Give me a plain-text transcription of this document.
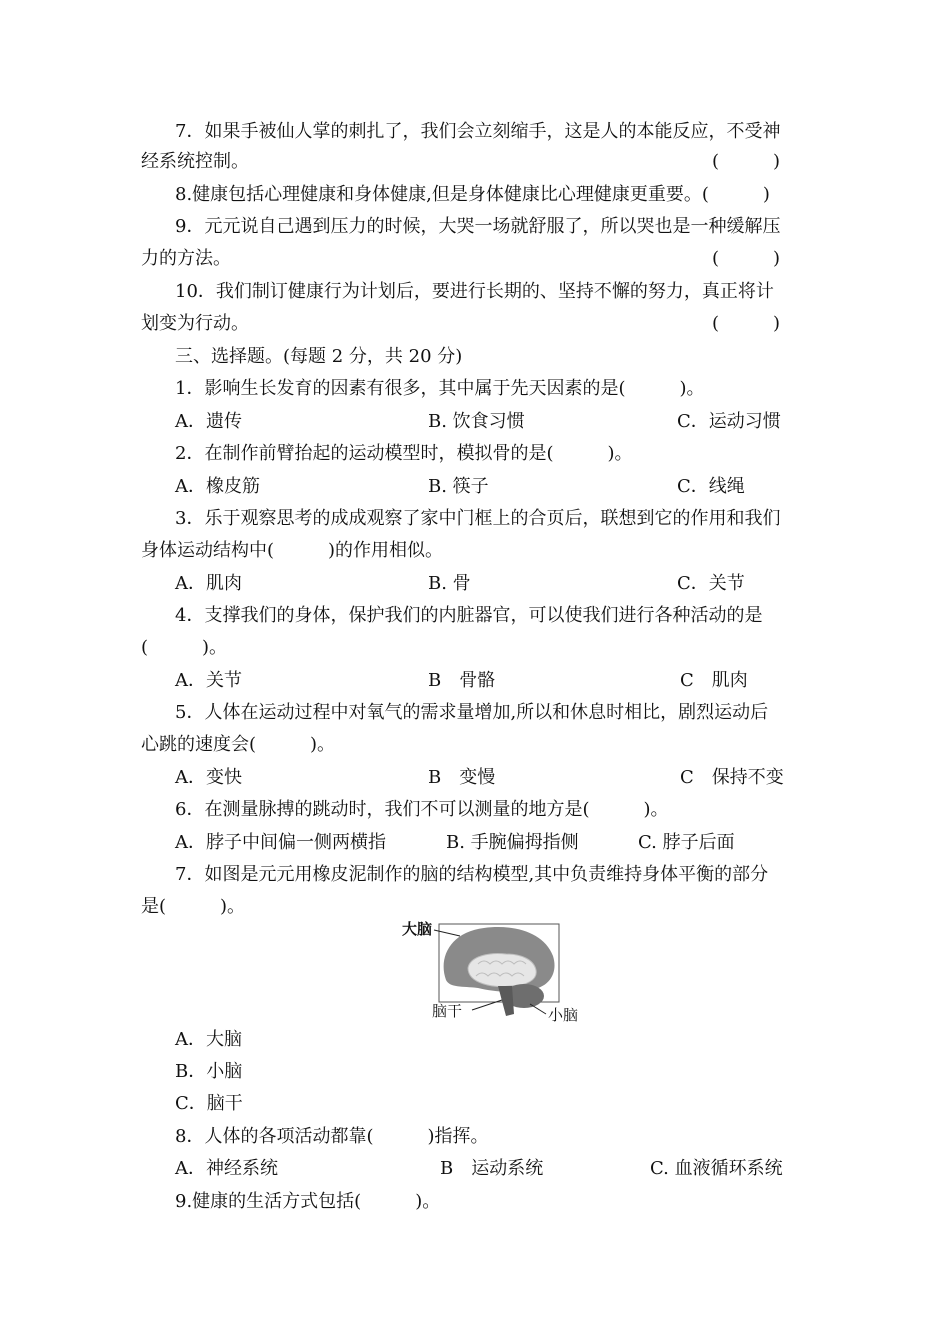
7．如果手被仙人掌的刺扎了，我们会立刻缩手，这是人的本能反应，不受神
经系统控制。	(　　　)
8.健康包括心理健康和身体健康,但是身体健康比心理健康更重要。(　　　)
9．元元说自己遇到压力的时候，大哭一场就舒服了，所以哭也是一种缓解压
力的方法。	(　　　)
10．我们制订健康行为计划后，要进行长期的、坚持不懈的努力，真正将计
划变为行动。	(　　　)
三、选择题。(每题 2 分，共 20 分)
1．影响生长发育的因素有很多，其中属于先天因素的是(　　　)。
A．遗传	B. 饮食习惯	C．运动习惯
2．在制作前臂抬起的运动模型时，模拟骨的是(　　　)。
A．橡皮筋	B. 筷子	C．线绳
3．乐于观察思考的成成观察了家中门框上的合页后，联想到它的作用和我们
身体运动结构中(　　　)的作用相似。
A．肌肉	B. 骨	C．关节
4．支撑我们的身体，保护我们的内脏器官，可以使我们进行各种活动的是
(　　　)。
A．关节	B　骨骼	C　肌肉
5．人体在运动过程中对氧气的需求量增加,所以和休息时相比，剧烈运动后
心跳的速度会(　　　)。
A．变快	B　变慢	C　保持不变
6．在测量脉搏的跳动时，我们不可以测量的地方是(　　　)。
A．脖子中间偏一侧两横指	B. 手腕偏拇指侧	C. 脖子后面
7．如图是元元用橡皮泥制作的脑的结构模型,其中负责维持身体平衡的部分
是(　　　)。
大脑
脑干	小脑
A．大脑
B．小脑
C．脑干
8．人体的各项活动都靠(　　　)指挥。
A．神经系统	B　运动系统	C. 血液循环系统
9.健康的生活方式包括(　　　)。
